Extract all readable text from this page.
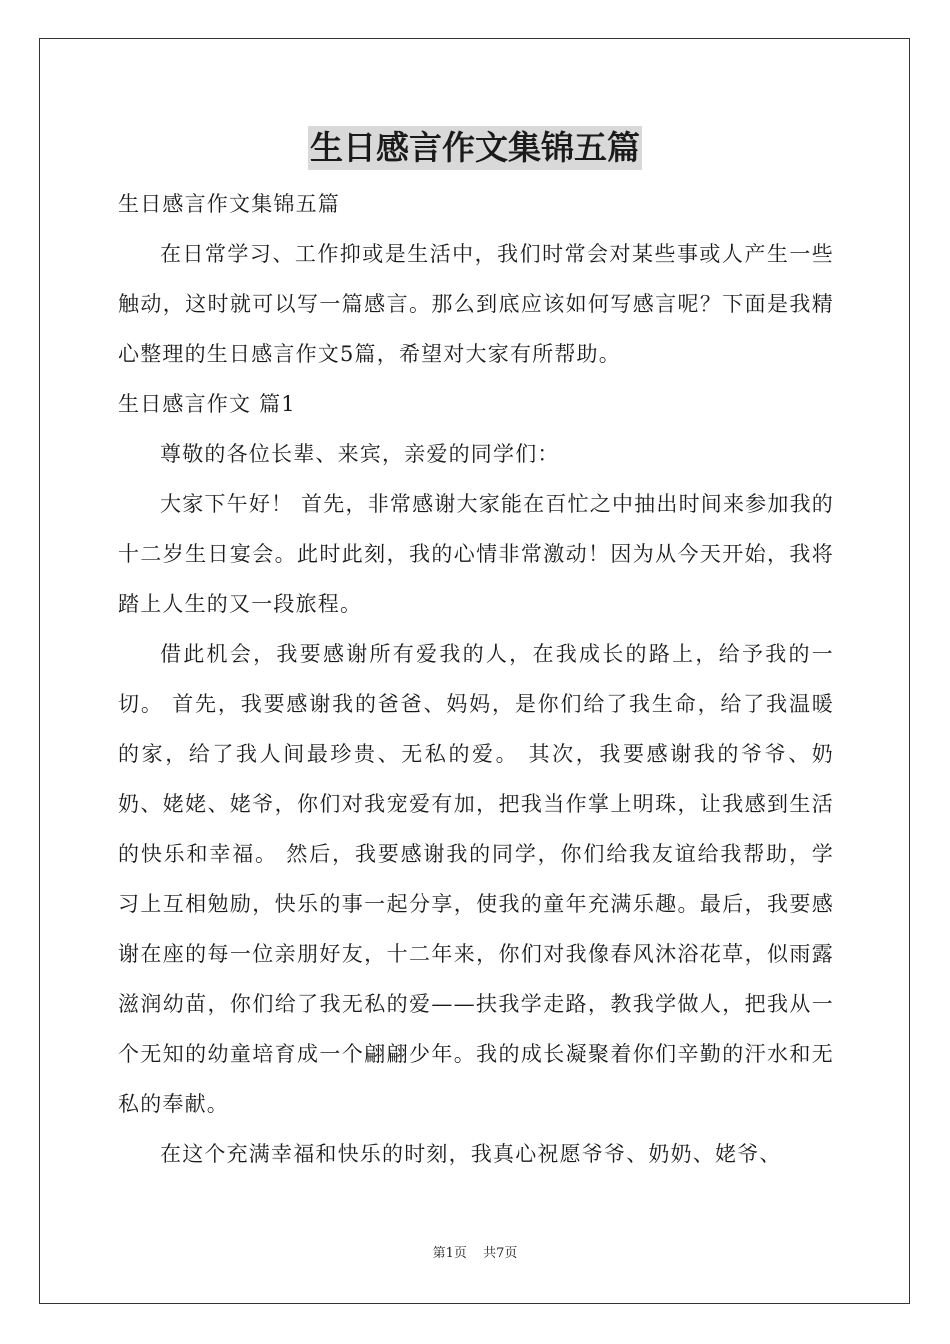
生日感言作文集锦五篇

生日感言作文集锦五篇

在日常学习、工作抑或是生活中，我们时常会对某些事或人产生一些触动，这时就可以写一篇感言。那么到底应该如何写感言呢？下面是我精心整理的生日感言作文5篇，希望对大家有所帮助。

生日感言作文 篇1

尊敬的各位长辈、来宾，亲爱的同学们：

大家下午好！ 首先，非常感谢大家能在百忙之中抽出时间来参加我的十二岁生日宴会。此时此刻，我的心情非常激动！因为从今天开始，我将踏上人生的又一段旅程。

借此机会，我要感谢所有爱我的人，在我成长的路上，给予我的一切。 首先，我要感谢我的爸爸、妈妈，是你们给了我生命，给了我温暖的家，给了我人间最珍贵、无私的爱。 其次，我要感谢我的爷爷、奶奶、姥姥、姥爷，你们对我宠爱有加，把我当作掌上明珠，让我感到生活的快乐和幸福。 然后，我要感谢我的同学，你们给我友谊给我帮助，学习上互相勉励，快乐的事一起分享，使我的童年充满乐趣。最后，我要感谢在座的每一位亲朋好友，十二年来，你们对我像春风沐浴花草，似雨露滋润幼苗，你们给了我无私的爱——扶我学走路，教我学做人，把我从一个无知的幼童培育成一个翩翩少年。我的成长凝聚着你们辛勤的汗水和无私的奉献。

在这个充满幸福和快乐的时刻，我真心祝愿爷爷、奶奶、姥爷、

第1页 共7页
